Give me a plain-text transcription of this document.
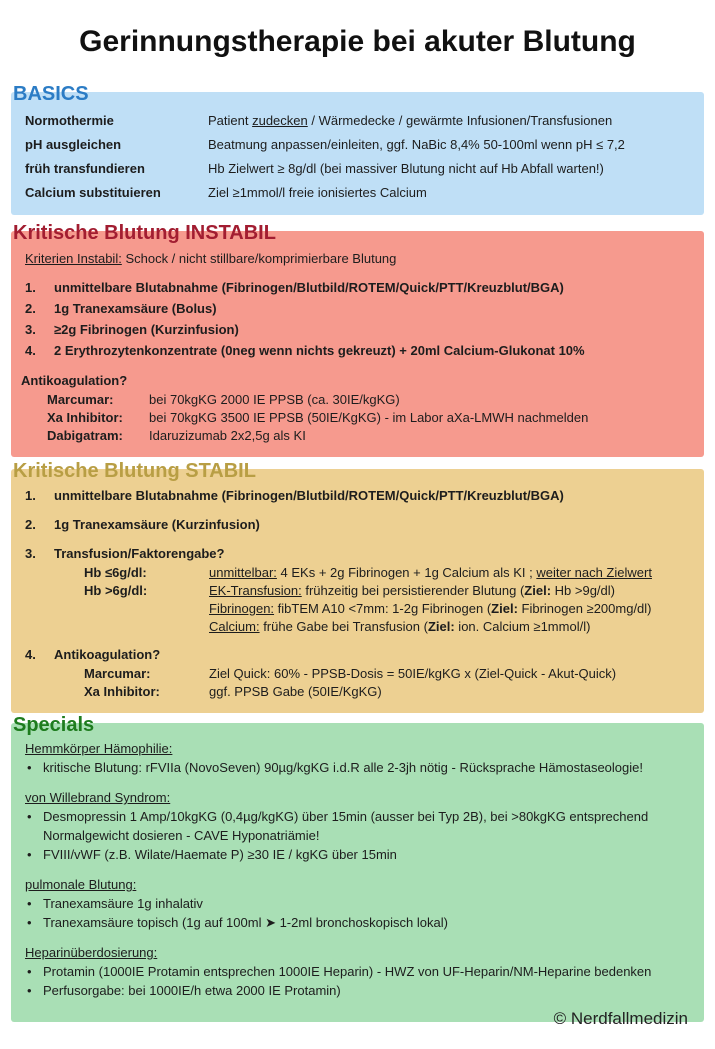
Gerinnungstherapie bei akuter Blutung
BASICS
Normothermie	Patient zudecken / Wärmedecke / gewärmte Infusionen/Transfusionen
pH ausgleichen	Beatmung anpassen/einleiten, ggf. NaBic 8,4% 50-100ml wenn pH ≤ 7,2
früh transfundieren	Hb Zielwert ≥ 8g/dl (bei massiver Blutung nicht auf Hb Abfall warten!)
Calcium substituieren	Ziel ≥1mmol/l freie ionisiertes Calcium
Kritische Blutung INSTABIL
Kriterien Instabil: Schock / nicht stillbare/komprimierbare Blutung
1.	unmittelbare Blutabnahme (Fibrinogen/Blutbild/ROTEM/Quick/PTT/Kreuzblut/BGA)
2.	1g Tranexamsäure (Bolus)
3.	≥2g Fibrinogen (Kurzinfusion)
4.	2 Erythrozytenkonzentrate (0neg wenn nichts gekreuzt) + 20ml Calcium-Glukonat 10%
Antikoagulation?
Marcumar:	bei 70kgKG 2000 IE PPSB (ca. 30IE/kgKG)
Xa Inhibitor:	bei 70kgKG 3500 IE PPSB (50IE/KgKG) - im Labor aXa-LMWH nachmelden
Dabigatram:	Idaruzizumab 2x2,5g als KI
Kritische Blutung STABIL
1.	unmittelbare Blutabnahme (Fibrinogen/Blutbild/ROTEM/Quick/PTT/Kreuzblut/BGA)
2.	1g Tranexamsäure (Kurzinfusion)
3.	Transfusion/Faktorengabe?
Hb ≤6g/dl:	unmittelbar: 4 EKs + 2g Fibrinogen + 1g Calcium als KI ; weiter nach Zielwert
Hb >6g/dl:	EK-Transfusion: frühzeitig bei persistierender Blutung (Ziel: Hb >9g/dl)
Fibrinogen: fibTEM A10 <7mm: 1-2g Fibrinogen (Ziel: Fibrinogen ≥200mg/dl)
Calcium: frühe Gabe bei Transfusion (Ziel: ion. Calcium ≥1mmol/l)
4.	Antikoagulation?
Marcumar:	Ziel Quick: 60% - PPSB-Dosis = 50IE/kgKG x (Ziel-Quick - Akut-Quick)
Xa Inhibitor:	ggf. PPSB Gabe (50IE/KgKG)
Specials
Hemmkörper Hämophilie:
• kritische Blutung: rFVIIa (NovoSeven) 90µg/kgKG i.d.R alle 2-3jh nötig - Rücksprache Hämostaseologie!
von Willebrand Syndrom:
• Desmopressin 1 Amp/10kgKG (0,4µg/kgKG) über 15min (ausser bei Typ 2B), bei >80kgKG entsprechend Normalgewicht dosieren - CAVE Hyponatriämie!
• FVIII/vWF (z.B. Wilate/Haemate P) ≥30 IE / kgKG über 15min
pulmonale Blutung:
• Tranexamsäure 1g inhalativ
• Tranexamsäure topisch (1g auf 100ml ➤ 1-2ml bronchoskopisch lokal)
Heparinüberdosierung:
• Protamin (1000IE Protamin entsprechen 1000IE Heparin) - HWZ von UF-Heparin/NM-Heparine bedenken
• Perfusorgabe: bei 1000IE/h etwa 2000 IE Protamin)
© Nerdfallmedizin
